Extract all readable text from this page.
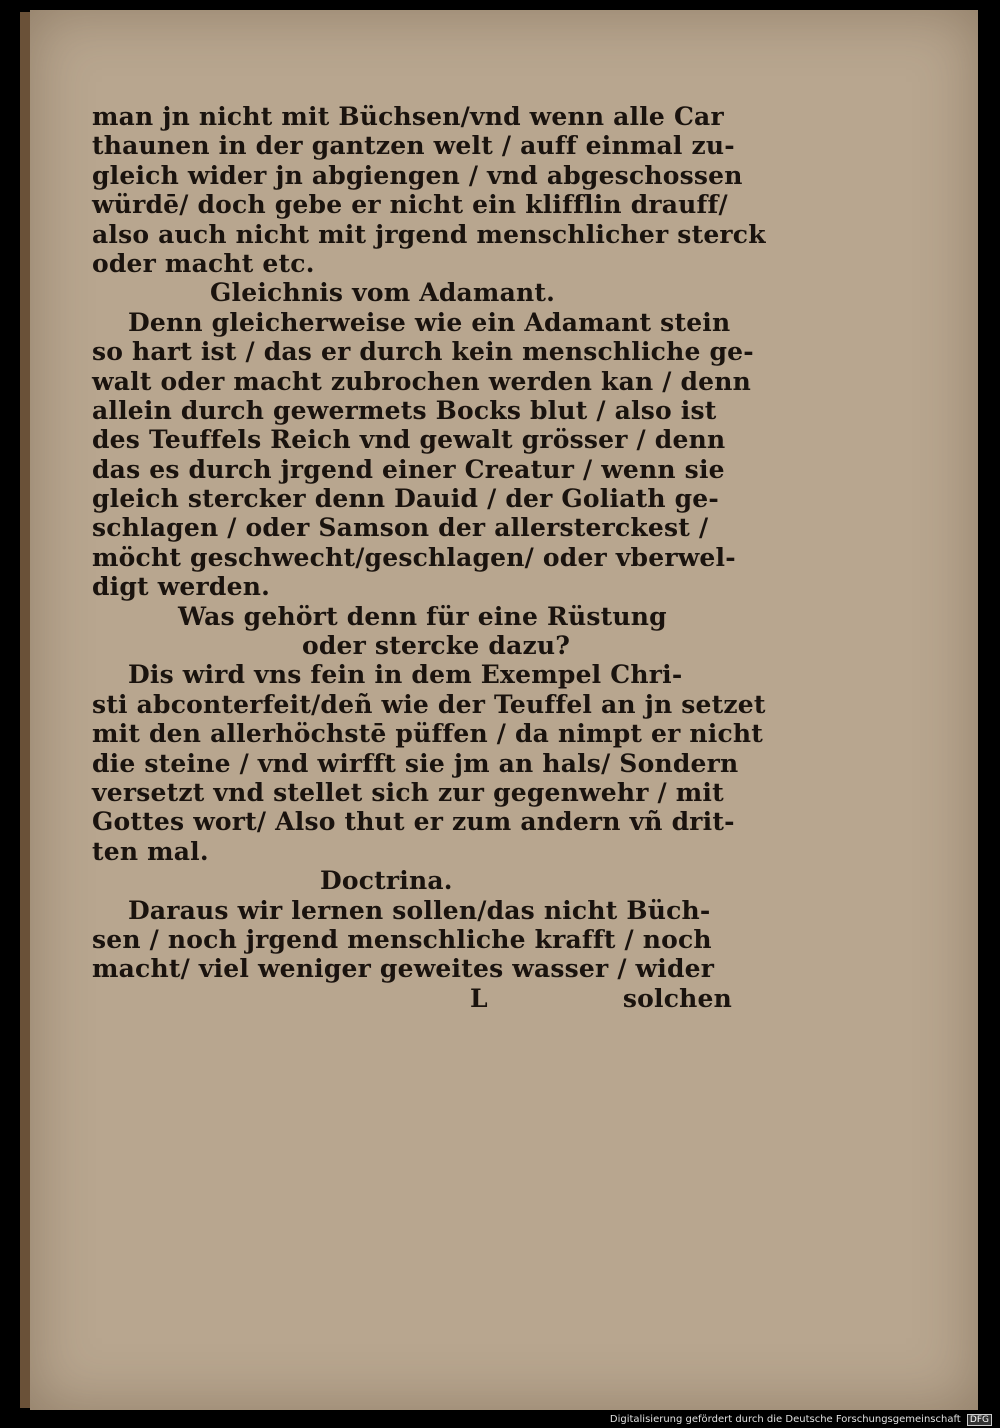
man jn nicht mit Büchsen/vnd wenn alle Car
thaunen in der gantzen welt / auff einmal zu-
gleich wider jn abgiengen / vnd abgeschossen
würdē/ doch gebe er nicht ein klifflin drauff/
also auch nicht mit jrgend menschlicher sterck
oder macht etc.
Gleichnis vom Adamant.
Denn gleicherweise wie ein Adamant stein
so hart ist / das er durch kein menschliche ge-
walt oder macht zubrochen werden kan / denn
allein durch gewermets Bocks blut / also ist
des Teuffels Reich vnd gewalt grösser / denn
das es durch jrgend einer Creatur / wenn sie
gleich stercker denn Dauid / der Goliath ge-
schlagen / oder Samson der allersterckest /
möcht geschwecht/geschlagen/ oder vberwel-
digt werden.
Was gehört denn für eine Rüstung
oder stercke dazu?
Dis wird vns fein in dem Exempel Chri-
sti abconterfeit/deñ wie der Teuffel an jn setzet
mit den allerhöchstē püffen / da nimpt er nicht
die steine / vnd wirfft sie jm an hals/ Sondern
versetzt vnd stellet sich zur gegenwehr / mit
Gottes wort/ Also thut er zum andern vñ drit-
ten mal.
Doctrina.
Daraus wir lernen sollen/das nicht Büch-
sen / noch jrgend menschliche krafft / noch
macht/ viel weniger geweites wasser / wider
L	solchen
Digitalisierung gefördert durch die Deutsche Forschungsgemeinschaft DFG
